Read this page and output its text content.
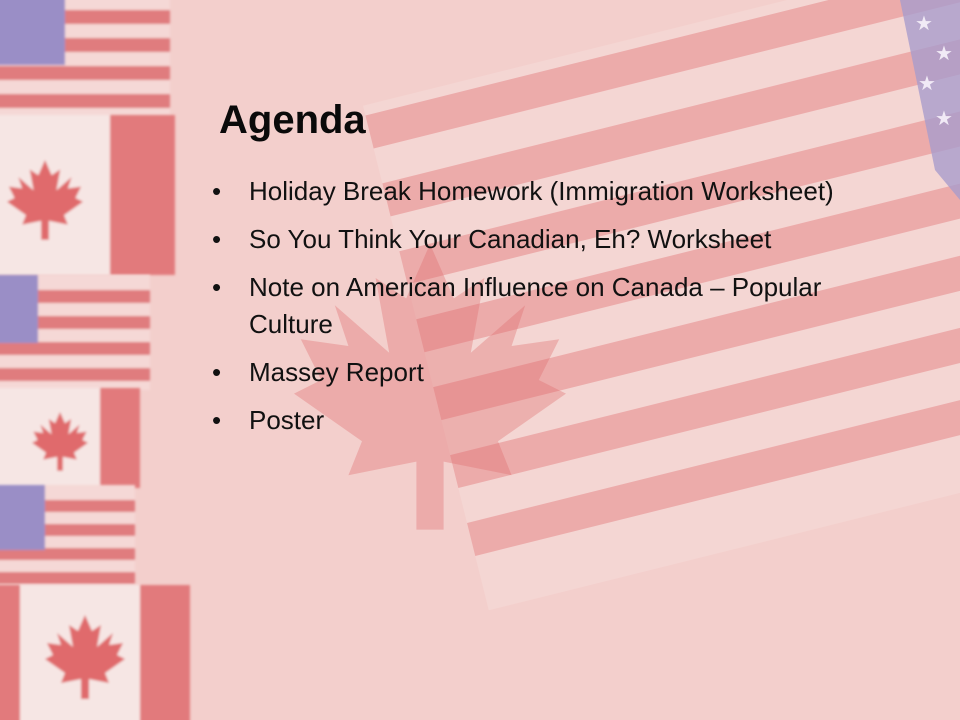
★
★
★
★
Agenda
• Holiday Break Homework (Immigration Worksheet)
• So You Think Your Canadian, Eh? Worksheet
• Note on American Influence on Canada – Popular Culture
• Massey Report
• Poster
